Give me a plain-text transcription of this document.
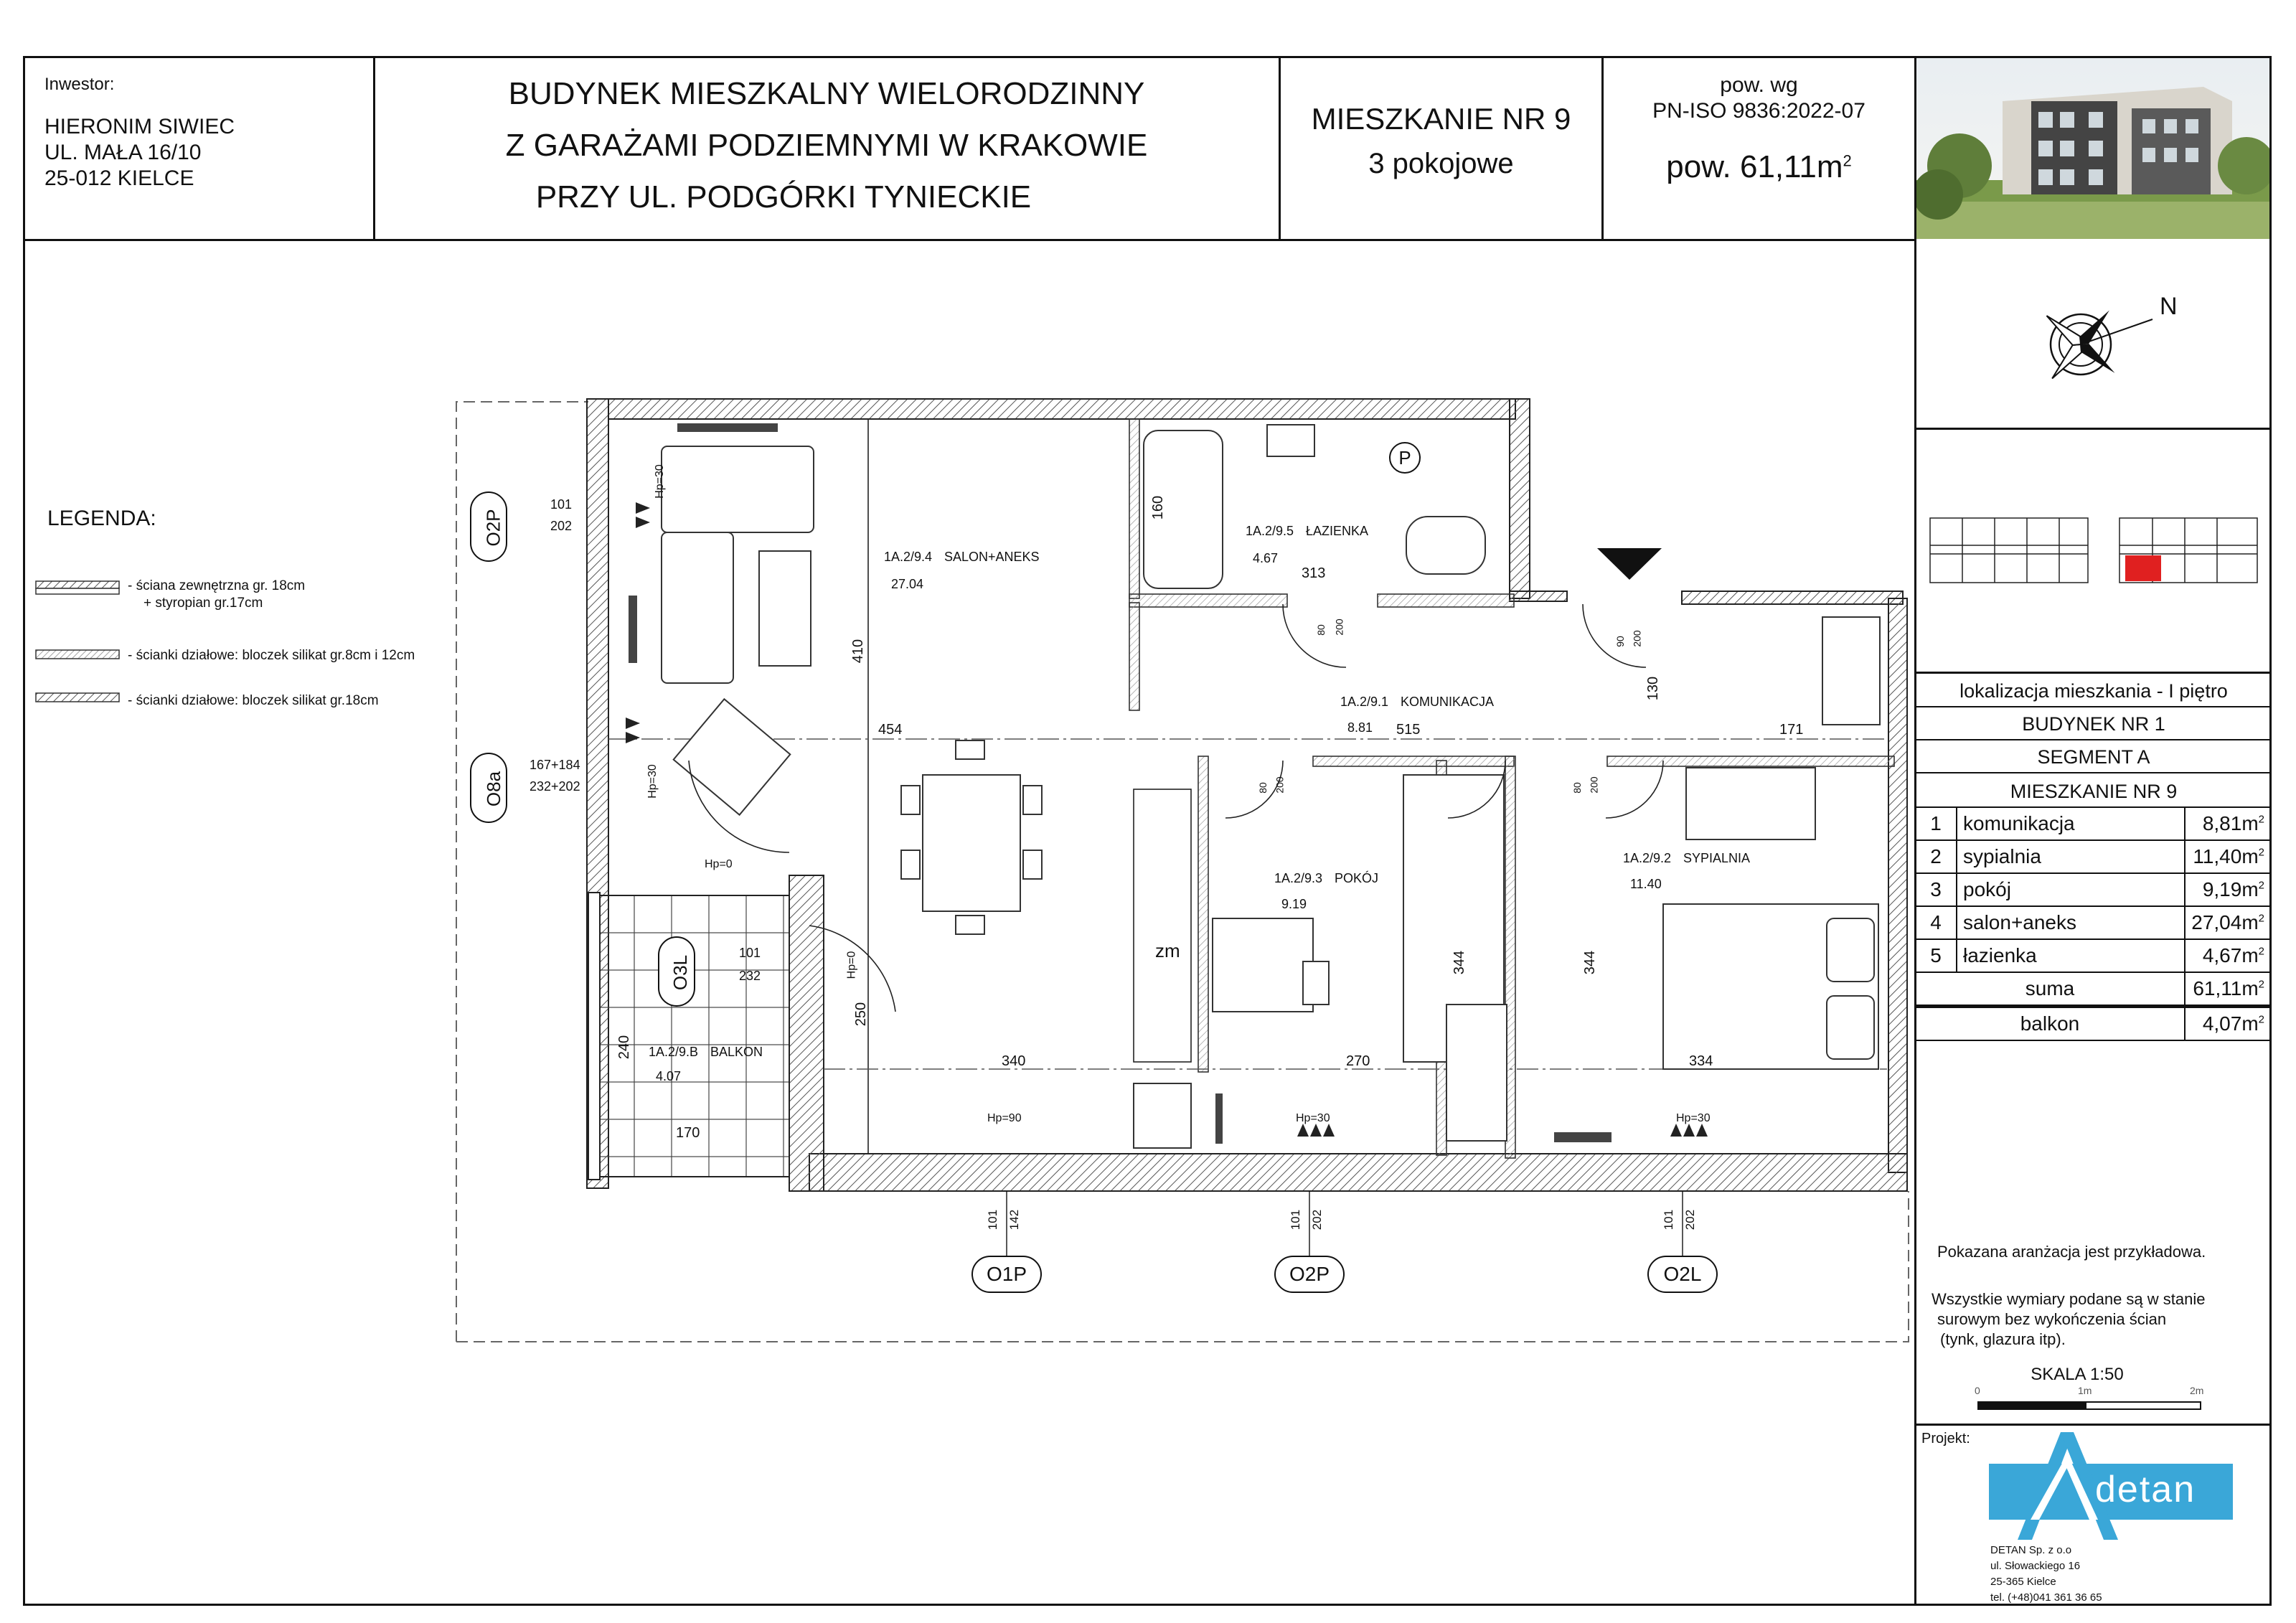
Inwestor:
HIERONIM SIWIEC
UL. MAŁA 16/10
25-012 KIELCE
BUDYNEK MIESZKALNY WIELORODZINNY
Z GARAŻAMI PODZIEMNYMI W KRAKOWIE
PRZY UL. PODGÓRKI TYNIECKIE
MIESZKANIE NR 9
3 pokojowe
pow. wg
PN-ISO 9836:2022-07
pow. $61,11m^2$
N
lokalizacja mieszkania - I piętro
BUDYNEK NR 1
SEGMENT A
MIESZKANIE NR 9
1	komunikacja	$8,81m^2$
2	sypialnia	$11,40m^2$
3	pokój	$9,19m^2$
4	salon+aneks	$27,04m^2$
5	łazienka	$4,67m^2$
suma		$61,11m^2$
balkon		$4,07m^2$
LEGENDA:
- ściana zewnętrzna gr. 18cm
+ styropian gr.17cm
- ścianki działowe: bloczek silikat gr.8cm i 12cm
- ścianki działowe: bloczek silikat gr.18cm
O2P
101
202
O8a
167+184
232+202
O3L
101
232
O1P
101 142
O2P
101 202
O2L
101 202
1A.2/9.4 SALON+ANEKS
27.04
1A.2/9.5 ŁAZIENKA
4.67
1A.2/9.1 KOMUNIKACJA
8.81
1A.2/9.3 POKÓJ
9.19
1A.2/9.2 SYPIALNIA
11.40
1A.2/9.B BALKON
4.07
454	515	171
410
160
313
130
340	270	334
344	344
250
240
170
80 200
90 200
80 200	80 200
Hp=30
Hp=30
Hp=0
Hp=0
Hp=90	Hp=30	Hp=30
zm
P
Pokazana aranżacja jest przykładowa.
Wszystkie wymiary podane są w stanie
surowym bez wykończenia ścian
(tynk, glazura itp).
SKALA 1:50
0	1m	2m
Projekt:
detan
DETAN Sp. z o.o
ul. Słowackiego 16
25-365 Kielce
tel. (+48)041 361 36 65
